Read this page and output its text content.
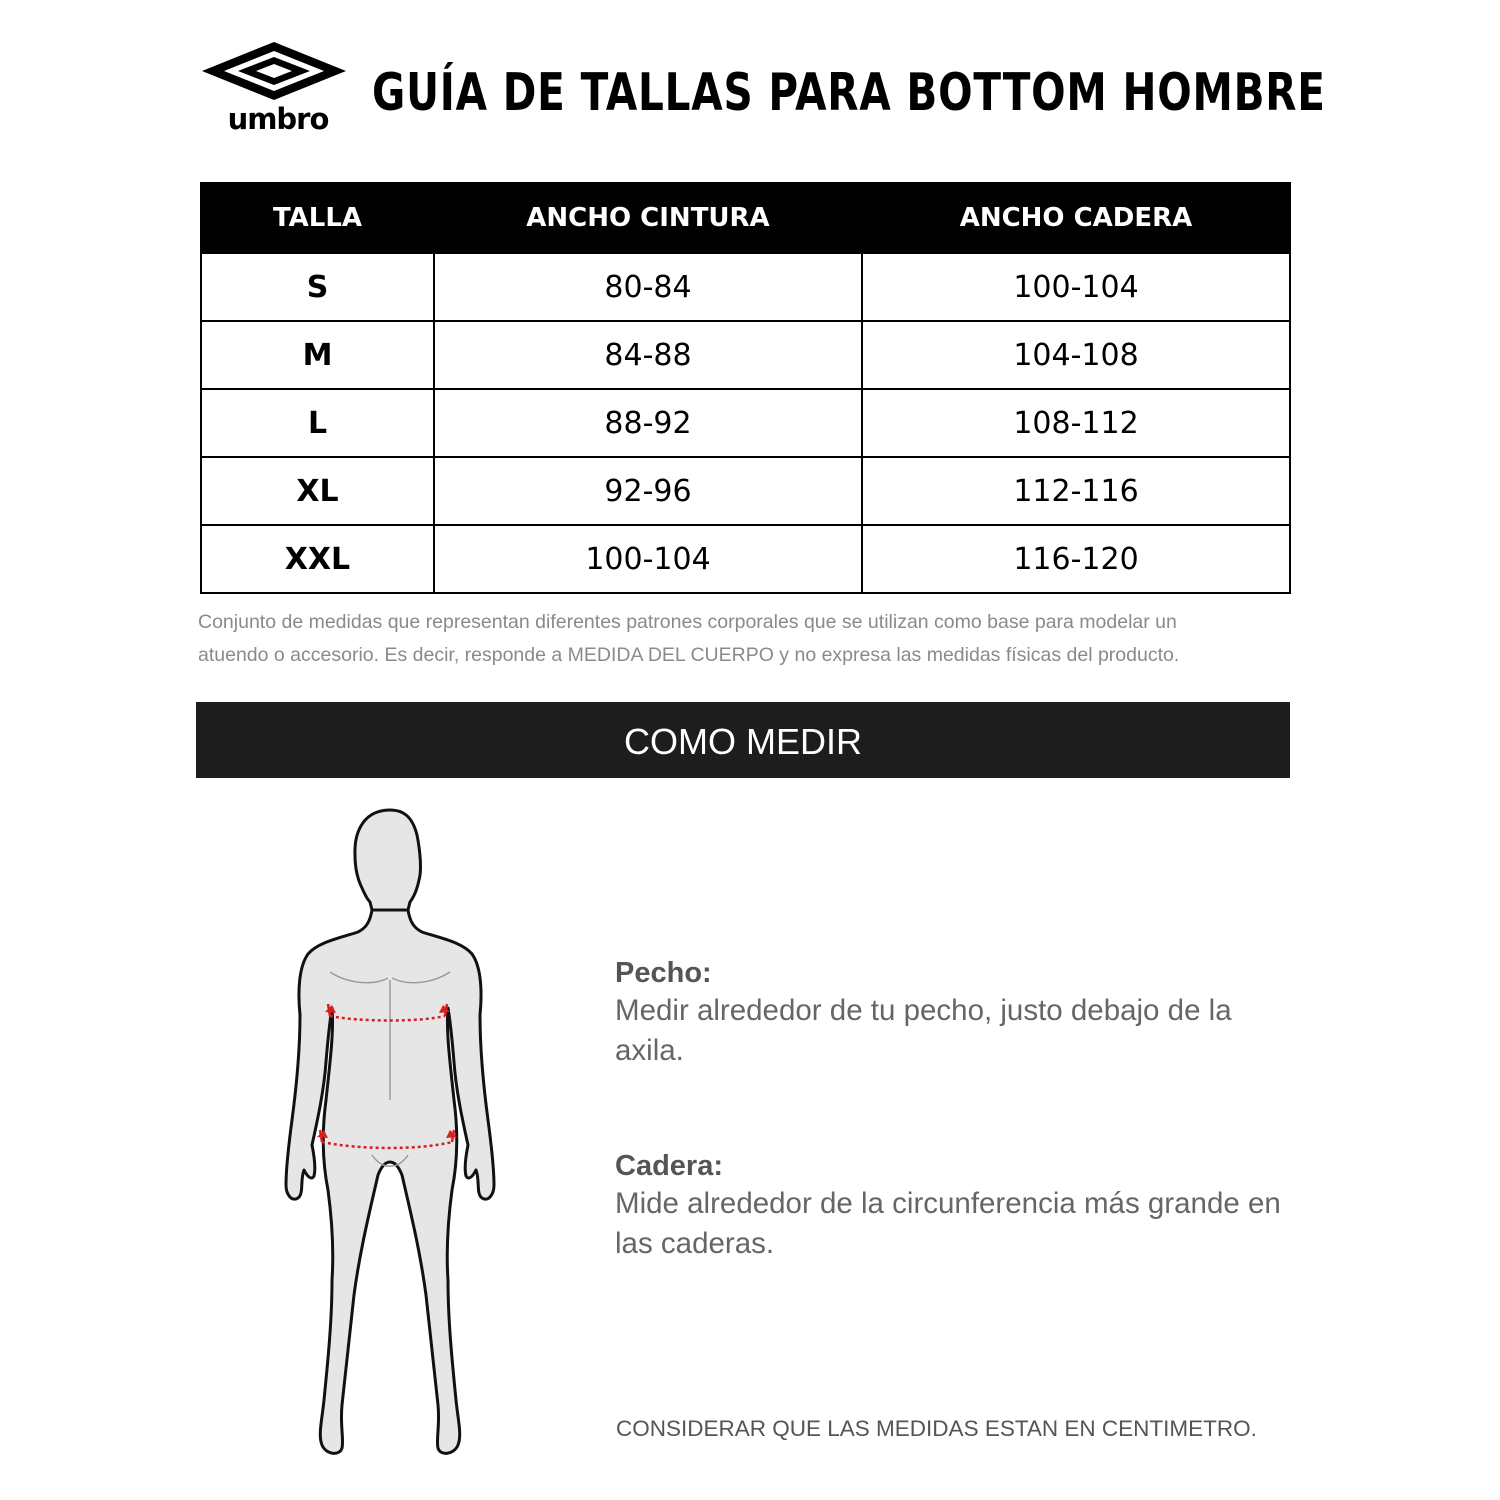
umbro GUÍA DE TALLAS PARA BOTTOM HOMBRE
TALLA	ANCHO CINTURA	ANCHO CADERA
S	80-84	100-104
M	84-88	104-108
L	88-92	108-112
XL	92-96	112-116
XXL	100-104	116-120
Conjunto de medidas que representan diferentes patrones corporales que se utilizan como base para modelar un
atuendo o accesorio. Es decir, responde a MEDIDA DEL CUERPO y no expresa las medidas físicas del producto.
COMO MEDIR
Pecho:
Medir alrededor de tu pecho, justo debajo de la axila.
Cadera:
Mide alrededor de la circunferencia más grande en las caderas.
CONSIDERAR QUE LAS MEDIDAS ESTAN EN CENTIMETRO.
